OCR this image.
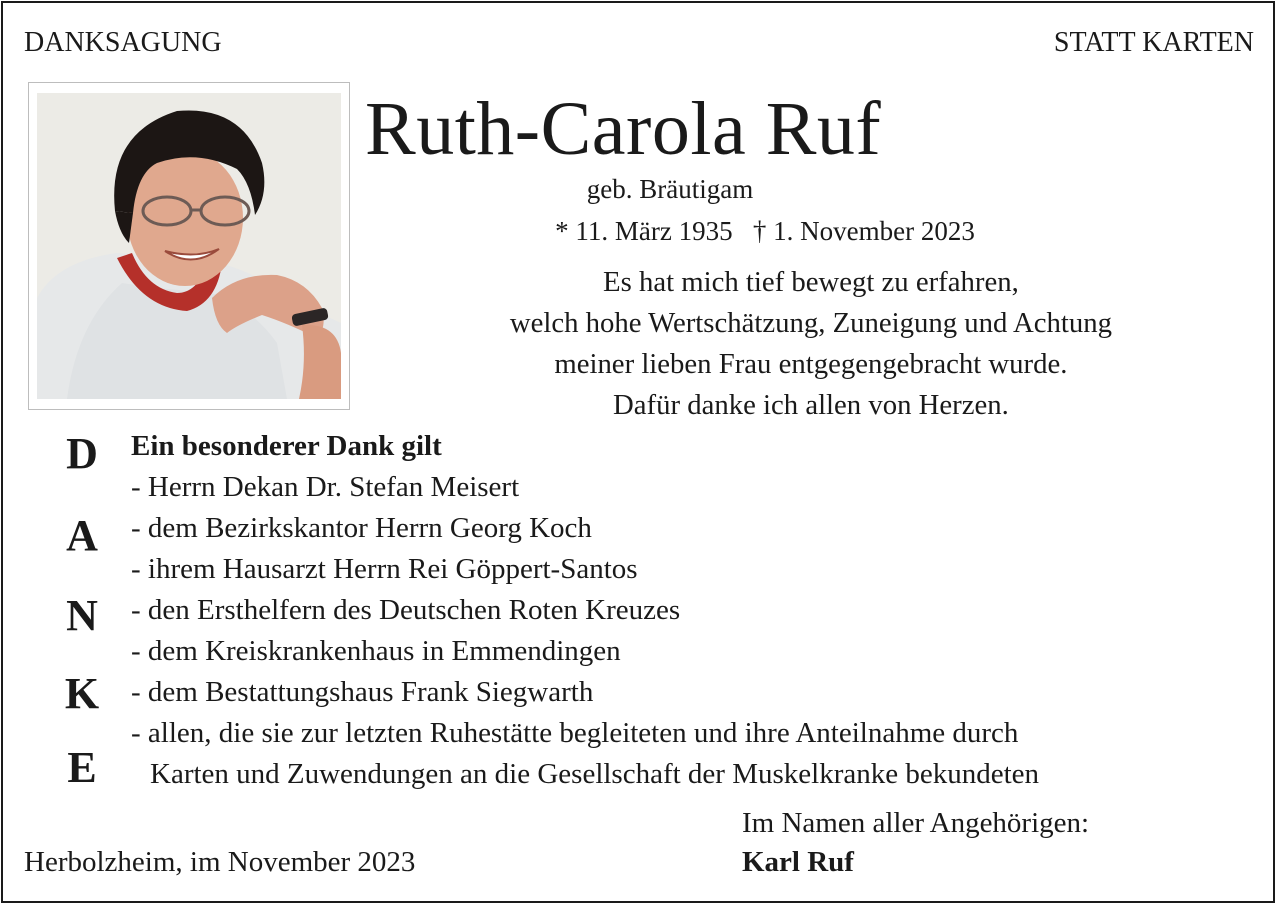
DANKSAGUNG	STATT KARTEN
Ruth-Carola Ruf
geb. Bräutigam
* 11. März 1935   † 1. November 2023
Es hat mich tief bewegt zu erfahren,
welch hohe Wertschätzung, Zuneigung und Achtung
meiner lieben Frau entgegengebracht wurde.
Dafür danke ich allen von Herzen.
D
A
N
K
E
Ein besonderer Dank gilt
- Herrn Dekan Dr. Stefan Meisert
- dem Bezirkskantor Herrn Georg Koch
- ihrem Hausarzt Herrn Rei Göppert-Santos
- den Ersthelfern des Deutschen Roten Kreuzes
- dem Kreiskrankenhaus in Emmendingen
- dem Bestattungshaus Frank Siegwarth
- allen, die sie zur letzten Ruhestätte begleiteten und ihre Anteilnahme durch
Karten und Zuwendungen an die Gesellschaft der Muskelkranke bekundeten
Im Namen aller Angehörigen:
Herbolzheim, im November 2023	Karl Ruf
